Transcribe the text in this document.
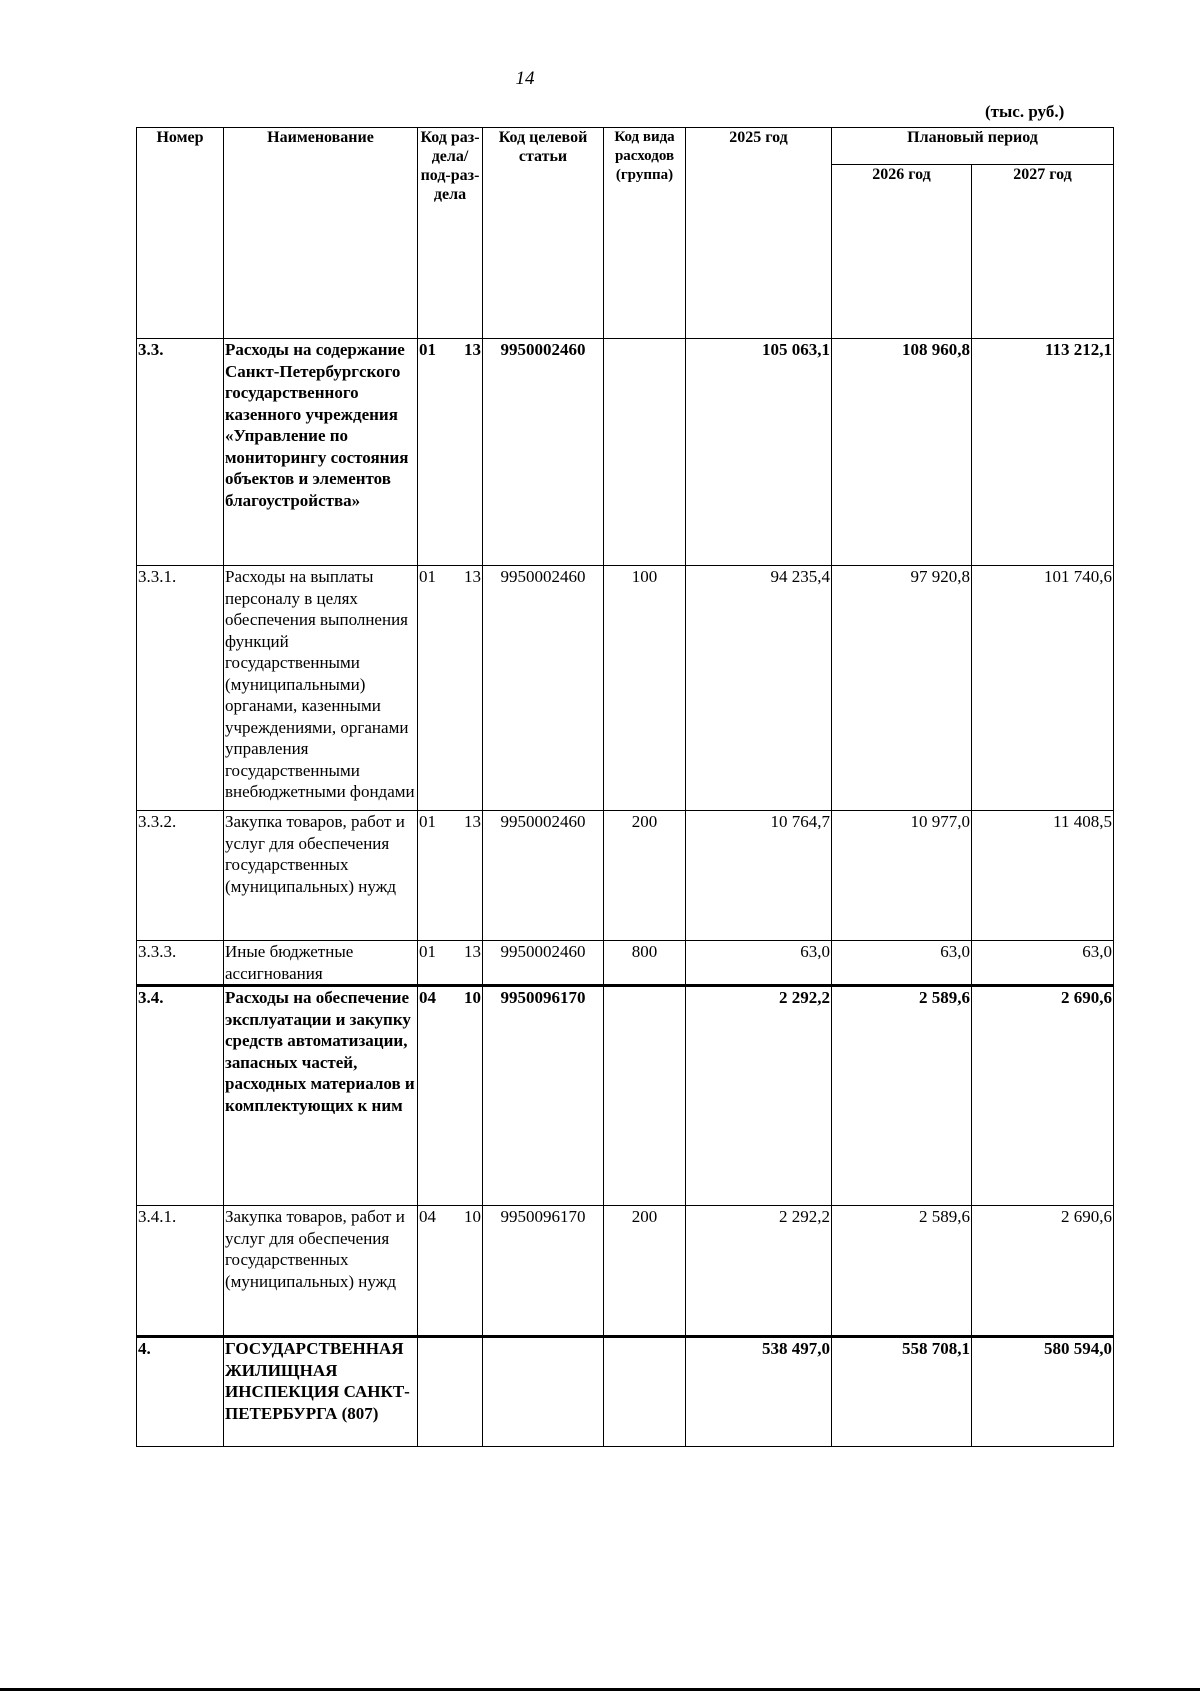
14
(тыс. руб.)
Номер	Наименование	Код раз-дела/ под-раз-дела	Код целевой статьи	Код вида расходов (группа)	2025 год	Плановый период	
						2026 год	2027 год
3.3.	Расходы на содержание Санкт-Петербургского государственного казенного учреждения «Управление по мониторингу состояния объектов и элементов благоустройства»	01 13	9950002460		105 063,1	108 960,8	113 212,1
3.3.1.	Расходы на выплаты персоналу в целях обеспечения выполнения функций государственными (муниципальными) органами, казенными учреждениями, органами управления государственными внебюджетными фондами	01 13	9950002460	100	94 235,4	97 920,8	101 740,6
3.3.2.	Закупка товаров, работ и услуг для обеспечения государственных (муниципальных) нужд	01 13	9950002460	200	10 764,7	10 977,0	11 408,5
3.3.3.	Иные бюджетные ассигнования	01 13	9950002460	800	63,0	63,0	63,0
3.4.	Расходы на обеспечение эксплуатации и закупку средств автоматизации, запасных частей, расходных материалов и комплектующих к ним	04 10	9950096170		2 292,2	2 589,6	2 690,6
3.4.1.	Закупка товаров, работ и услуг для обеспечения государственных (муниципальных) нужд	04 10	9950096170	200	2 292,2	2 589,6	2 690,6
4.	ГОСУДАРСТВЕННАЯ ЖИЛИЩНАЯ ИНСПЕКЦИЯ САНКТ-ПЕТЕРБУРГА (807)				538 497,0	558 708,1	580 594,0
